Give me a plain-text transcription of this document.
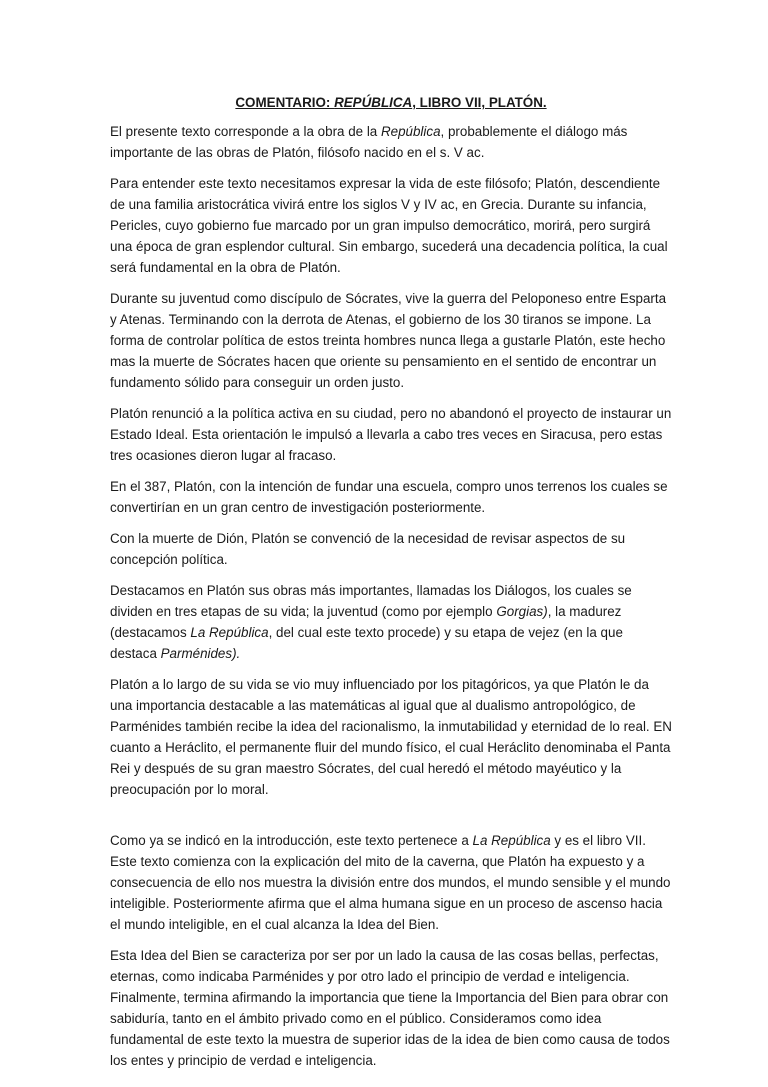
COMENTARIO: REPÚBLICA, LIBRO VII, PLATÓN.

El presente texto corresponde a la obra de la República, probablemente el diálogo más importante de las obras de Platón, filósofo nacido en el s. V ac.

Para entender este texto necesitamos expresar la vida de este filósofo; Platón, descendiente de una familia aristocrática vivirá entre los siglos V y IV ac, en Grecia. Durante su infancia, Pericles, cuyo gobierno fue marcado por un gran impulso democrático, morirá, pero surgirá una época de gran esplendor cultural. Sin embargo, sucederá una decadencia política, la cual será fundamental en la obra de Platón.

Durante su juventud como discípulo de Sócrates, vive la guerra del Peloponeso entre Esparta y Atenas. Terminando con la derrota de Atenas, el gobierno de los 30 tiranos se impone. La forma de controlar política de estos treinta hombres nunca llega a gustarle Platón, este hecho mas la muerte de Sócrates hacen que oriente su pensamiento en el sentido de encontrar un fundamento sólido para conseguir un orden justo.

Platón renunció a la política activa en su ciudad, pero no abandonó el proyecto de instaurar un Estado Ideal. Esta orientación le impulsó a llevarla a cabo tres veces en Siracusa, pero estas tres ocasiones dieron lugar al fracaso.

En el 387, Platón, con la intención de fundar una escuela, compro unos terrenos los cuales se convertirían en un gran centro de investigación posteriormente.

Con la muerte de Dión, Platón se convenció de la necesidad de revisar aspectos de su concepción política.

Destacamos en Platón sus obras más importantes, llamadas los Diálogos, los cuales se dividen en tres etapas de su vida; la juventud (como por ejemplo Gorgias), la madurez (destacamos La República, del cual este texto procede) y su etapa de vejez (en la que destaca Parménides).

Platón a lo largo de su vida se vio muy influenciado por los pitagóricos, ya que Platón le da una importancia destacable a las matemáticas al igual que al dualismo antropológico, de Parménides también recibe la idea del racionalismo, la inmutabilidad y eternidad de lo real. EN cuanto a Heráclito, el permanente fluir del mundo físico, el cual Heráclito denominaba el Panta Rei y después de su gran maestro Sócrates, del cual heredó el método mayéutico y la preocupación por lo moral.

Como ya se indicó en la introducción, este texto pertenece a La República y es el libro VII. Este texto comienza con la explicación del mito de la caverna, que Platón ha expuesto y a consecuencia de ello nos muestra la división entre dos mundos, el mundo sensible y el mundo inteligible. Posteriormente afirma que el alma humana sigue en un proceso de ascenso hacia el mundo inteligible, en el cual alcanza la Idea del Bien.

Esta Idea del Bien se caracteriza por ser por un lado la causa de las cosas bellas, perfectas, eternas, como indicaba Parménides y por otro lado el principio de verdad e inteligencia. Finalmente, termina afirmando la importancia que tiene la Importancia del Bien para obrar con sabiduría, tanto en el ámbito privado como en el público. Consideramos como idea fundamental de este texto la muestra de superior idas de la idea de bien como causa de todos los entes y principio de verdad e inteligencia.
